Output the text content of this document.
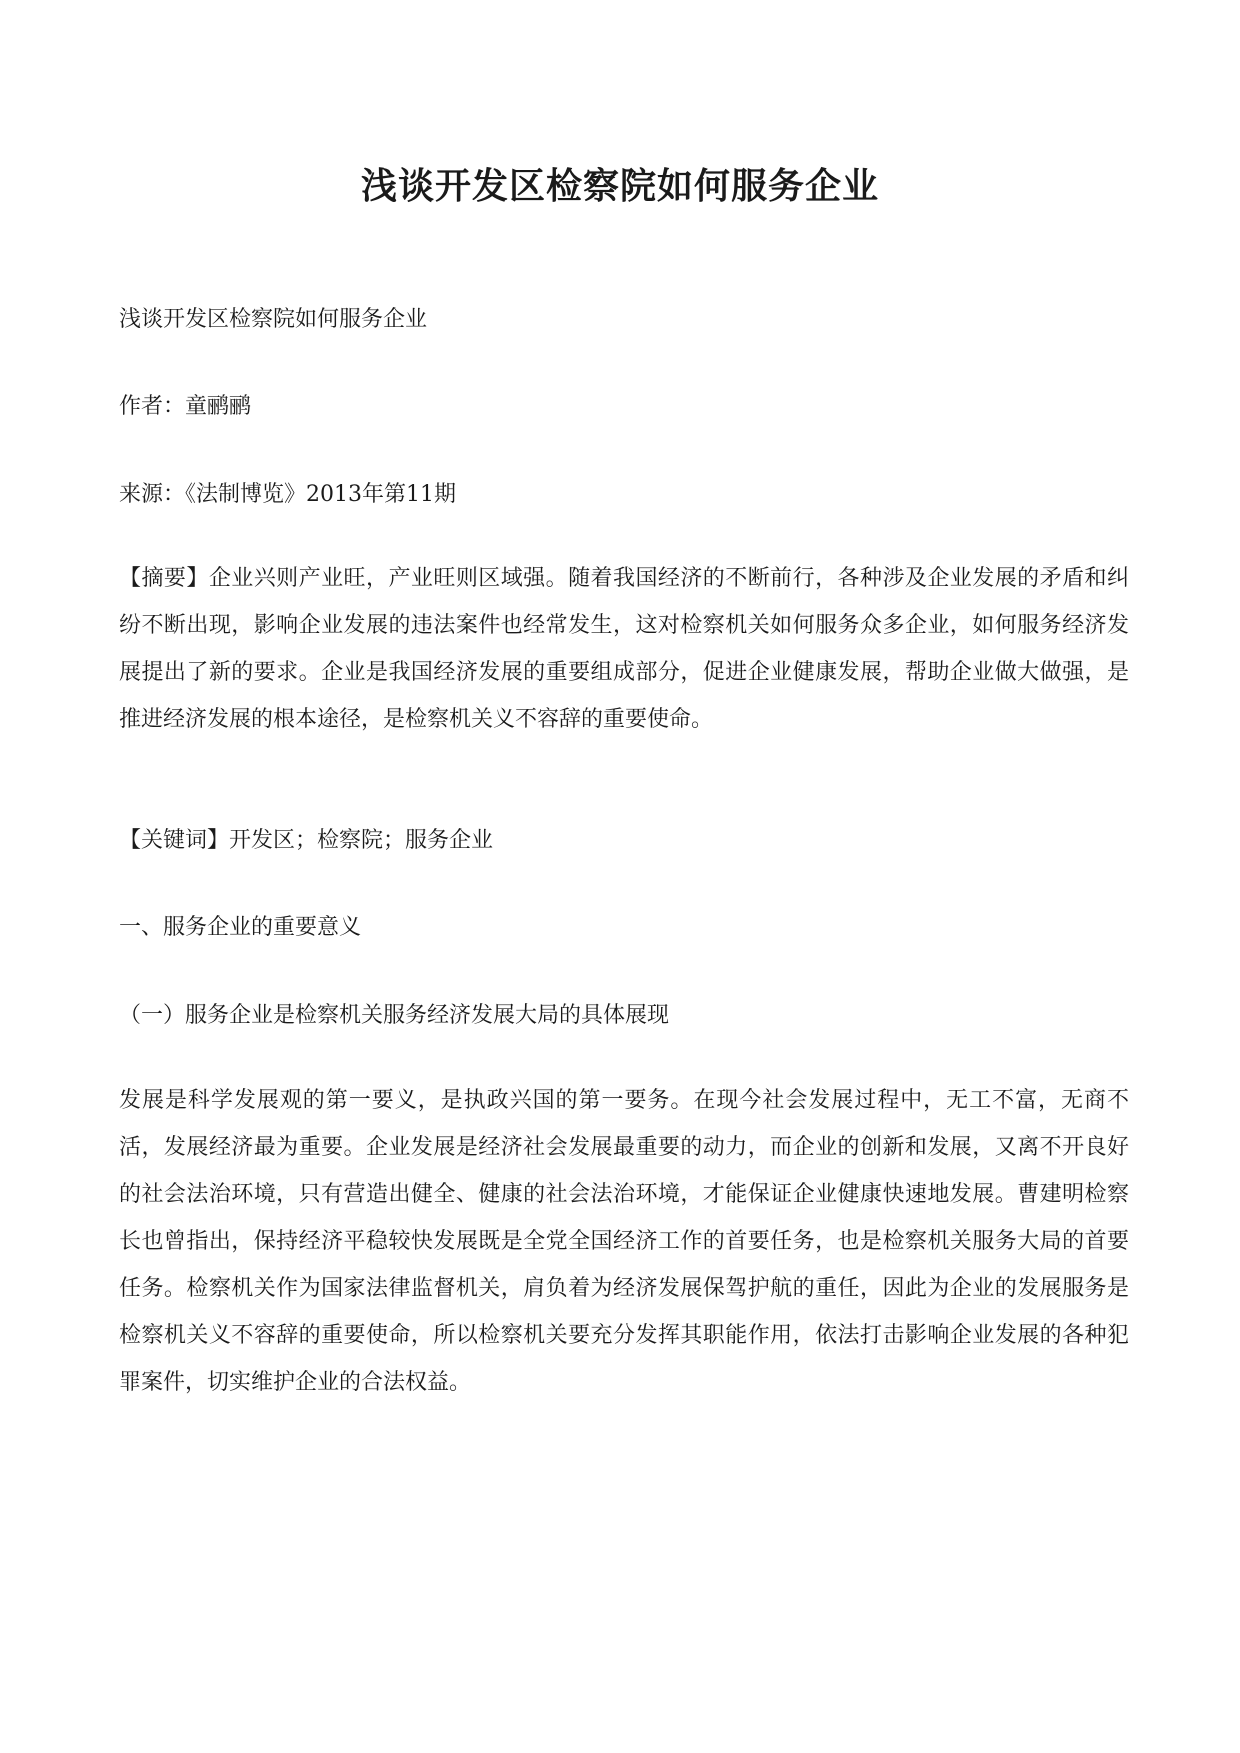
浅谈开发区检察院如何服务企业

浅谈开发区检察院如何服务企业

作者：童鹂鹂

来源：《法制博览》2013年第11期

【摘要】企业兴则产业旺，产业旺则区域强。随着我国经济的不断前行，各种涉及企业发展的矛盾和纠纷不断出现，影响企业发展的违法案件也经常发生，这对检察机关如何服务众多企业，如何服务经济发展提出了新的要求。企业是我国经济发展的重要组成部分，促进企业健康发展，帮助企业做大做强，是推进经济发展的根本途径，是检察机关义不容辞的重要使命。

【关键词】开发区；检察院；服务企业

一、服务企业的重要意义

（一）服务企业是检察机关服务经济发展大局的具体展现

发展是科学发展观的第一要义，是执政兴国的第一要务。在现今社会发展过程中，无工不富，无商不活，发展经济最为重要。企业发展是经济社会发展最重要的动力，而企业的创新和发展，又离不开良好的社会法治环境，只有营造出健全、健康的社会法治环境，才能保证企业健康快速地发展。曹建明检察长也曾指出，保持经济平稳较快发展既是全党全国经济工作的首要任务，也是检察机关服务大局的首要任务。检察机关作为国家法律监督机关，肩负着为经济发展保驾护航的重任，因此为企业的发展服务是检察机关义不容辞的重要使命，所以检察机关要充分发挥其职能作用，依法打击影响企业发展的各种犯罪案件，切实维护企业的合法权益。
